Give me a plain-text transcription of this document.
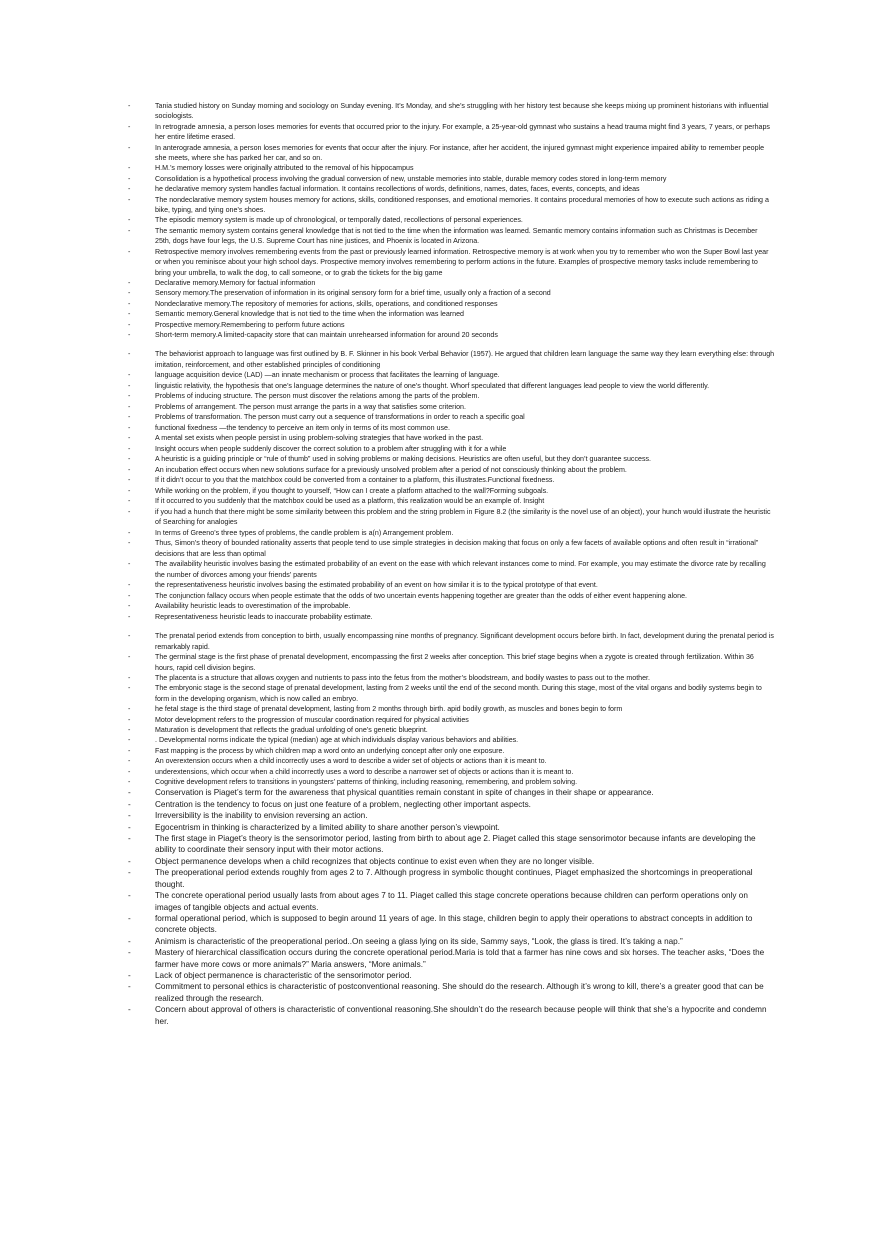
-	Tania studied history on Sunday morning and sociology on Sunday evening. It’s Monday, and she’s struggling with her history test because she keeps mixing up prominent historians with influential sociologists.
-	In retrograde amnesia, a person loses memories for events that occurred prior to the injury. For example, a 25-year-old gymnast who sustains a head trauma might find 3 years, 7 years, or perhaps her entire lifetime erased.
-	In anterograde amnesia, a person loses memories for events that occur after the injury. For instance, after her accident, the injured gymnast might experience impaired ability to remember people she meets, where she has parked her car, and so on.
-	H.M.’s memory losses were originally attributed to the removal of his hippocampus
-	Consolidation is a hypothetical process involving the gradual conversion of new, unstable memories into stable, durable memory codes stored in long-term memory
-	he declarative memory system handles factual information. It contains recollections of words, definitions, names, dates, faces, events, concepts, and ideas
-	The nondeclarative memory system houses memory for actions, skills, conditioned responses, and emotional memories. It contains procedural memories of how to execute such actions as riding a bike, typing, and tying one’s shoes.
-	The episodic memory system is made up of chronological, or temporally dated, recollections of personal experiences.
-	The semantic memory system contains general knowledge that is not tied to the time when the information was learned. Semantic memory contains information such as Christmas is December 25th, dogs have four legs, the U.S. Supreme Court has nine justices, and Phoenix is located in Arizona.
-	Retrospective memory involves remembering events from the past or previously learned information. Retrospective memory is at work when you try to remember who won the Super Bowl last year or when you reminisce about your high school days. Prospective memory involves remembering to perform actions in the future. Examples of prospective memory tasks include remembering to bring your umbrella, to walk the dog, to call someone, or to grab the tickets for the big game
-	Declarative memory.Memory for factual information
-	Sensory memory.The preservation of information in its original sensory form for a brief time, usually only a fraction of a second
-	Nondeclarative memory.The repository of memories for actions, skills, operations, and conditioned responses
-	Semantic memory.General knowledge that is not tied to the time when the information was learned
-	Prospective memory.Remembering to perform future actions
-	Short-term memory.A limited-capacity store that can maintain unrehearsed information for around 20 seconds
-	The behaviorist approach to language was first outlined by B. F. Skinner in his book Verbal Behavior (1957). He argued that children learn language the same way they learn everything else: through imitation, reinforcement, and other established principles of conditioning
-	language acquisition device (LAD) —an innate mechanism or process that facilitates the learning of language.
-	linguistic relativity, the hypothesis that one’s language determines the nature of one’s thought. Whorf speculated that different languages lead people to view the world differently.
-	Problems of inducing structure. The person must discover the relations among the parts of the problem.
-	Problems of arrangement. The person must arrange the parts in a way that satisfies some criterion.
-	Problems of transformation. The person must carry out a sequence of transformations in order to reach a specific goal
-	functional fixedness —the tendency to perceive an item only in terms of its most common use.
-	A mental set exists when people persist in using problem-solving strategies that have worked in the past.
-	Insight occurs when people suddenly discover the correct solution to a problem after struggling with it for a while
-	A heuristic is a guiding principle or “rule of thumb” used in solving problems or making decisions. Heuristics are often useful, but they don’t guarantee success.
-	An incubation effect occurs when new solutions surface for a previously unsolved problem after a period of not consciously thinking about the problem.
-	If it didn’t occur to you that the matchbox could be converted from a container to a platform, this illustrates.Functional fixedness.
-	While working on the problem, if you thought to yourself, “How can I create a platform attached to the wall?Forming subgoals.
-	If it occurred to you suddenly that the matchbox could be used as a platform, this realization would be an example of. Insight
-	if you had a hunch that there might be some similarity between this problem and the string problem in Figure 8.2 (the similarity is the novel use of an object), your hunch would illustrate the heuristic of Searching for analogies
-	In terms of Greeno’s three types of problems, the candle problem is a(n) Arrangement problem.
-	Thus, Simon’s theory of bounded rationality asserts that people tend to use simple strategies in decision making that focus on only a few facets of available options and often result in “irrational” decisions that are less than optimal
-	The availability heuristic involves basing the estimated probability of an event on the ease with which relevant instances come to mind. For example, you may estimate the divorce rate by recalling the number of divorces among your friends’ parents
-	the representativeness heuristic involves basing the estimated probability of an event on how similar it is to the typical prototype of that event.
-	The conjunction fallacy occurs when people estimate that the odds of two uncertain events happening together are greater than the odds of either event happening alone.
-	Availability heuristic leads to overestimation of the improbable.
-	Representativeness heuristic leads to inaccurate probability estimate.
-	The prenatal period extends from conception to birth, usually encompassing nine months of pregnancy. Significant development occurs before birth. In fact, development during the prenatal period is remarkably rapid.
-	The germinal stage is the first phase of prenatal development, encompassing the first 2 weeks after conception. This brief stage begins when a zygote is created through fertilization. Within 36 hours, rapid cell division begins.
-	The placenta is a structure that allows oxygen and nutrients to pass into the fetus from the mother’s bloodstream, and bodily wastes to pass out to the mother.
-	The embryonic stage is the second stage of prenatal development, lasting from 2 weeks until the end of the second month. During this stage, most of the vital organs and bodily systems begin to form in the developing organism, which is now called an embryo.
-	he fetal stage is the third stage of prenatal development, lasting from 2 months through birth. apid bodily growth, as muscles and bones begin to form
-	Motor development refers to the progression of muscular coordination required for physical activities
-	Maturation is development that reflects the gradual unfolding of one’s genetic blueprint.
-	. Developmental norms indicate the typical (median) age at which individuals display various behaviors and abilities.
-	Fast mapping is the process by which children map a word onto an underlying concept after only one exposure.
-	An overextension occurs when a child incorrectly uses a word to describe a wider set of objects or actions than it is meant to.
-	underextensions, which occur when a child incorrectly uses a word to describe a narrower set of objects or actions than it is meant to.
-	Cognitive development refers to transitions in youngsters’ patterns of thinking, including reasoning, remembering, and problem solving.
-	Conservation is Piaget’s term for the awareness that physical quantities remain constant in spite of changes in their shape or appearance.
-	Centration is the tendency to focus on just one feature of a problem, neglecting other important aspects.
-	Irreversibility is the inability to envision reversing an action.
-	Egocentrism in thinking is characterized by a limited ability to share another person’s viewpoint.
-	The first stage in Piaget’s theory is the sensorimotor period, lasting from birth to about age 2. Piaget called this stage sensorimotor because infants are developing the ability to coordinate their sensory input with their motor actions.
-	Object permanence develops when a child recognizes that objects continue to exist even when they are no longer visible.
-	The preoperational period extends roughly from ages 2 to 7. Although progress in symbolic thought continues, Piaget emphasized the shortcomings in preoperational thought.
-	The concrete operational period usually lasts from about ages 7 to 11. Piaget called this stage concrete operations because children can perform operations only on images of tangible objects and actual events.
-	formal operational period, which is supposed to begin around 11 years of age. In this stage, children begin to apply their operations to abstract concepts in addition to concrete objects.
-	Animism is characteristic of the preoperational period..On seeing a glass lying on its side, Sammy says, “Look, the glass is tired. It’s taking a nap.”
-	Mastery of hierarchical classification occurs during the concrete operational period.Maria is told that a farmer has nine cows and six horses. The teacher asks, “Does the farmer have more cows or more animals?” Maria answers, “More animals.”
-	Lack of object permanence is characteristic of the sensorimotor period.
-	Commitment to personal ethics is characteristic of postconventional reasoning. She should do the research. Although it’s wrong to kill, there’s a greater good that can be realized through the research.
-	Concern about approval of others is characteristic of conventional reasoning.She shouldn’t do the research because people will think that she’s a hypocrite and condemn her.
